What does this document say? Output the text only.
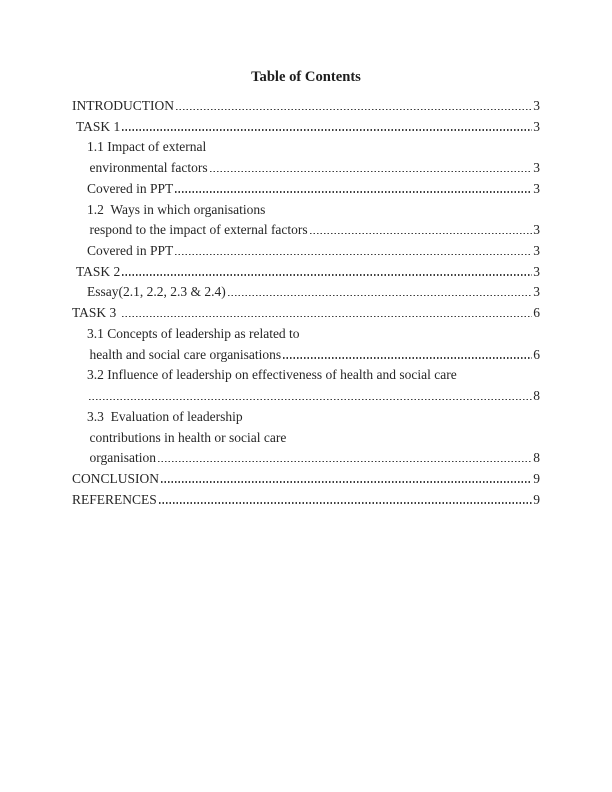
Table of Contents
INTRODUCTION	3
TASK 1	3
1.1 Impact of external
environmental factors	3
Covered in PPT	3
1.2  Ways in which organisations
respond to the impact of external factors	3
Covered in PPT	3
TASK 2	3
Essay(2.1, 2.2, 2.3 & 2.4)	3
TASK 3	6
3.1 Concepts of leadership as related to
health and social care organisations	6
3.2 Influence of leadership on effectiveness of health and social care
8
3.3  Evaluation of leadership
contributions in health or social care
organisation	8
CONCLUSION	9
REFERENCES	9
